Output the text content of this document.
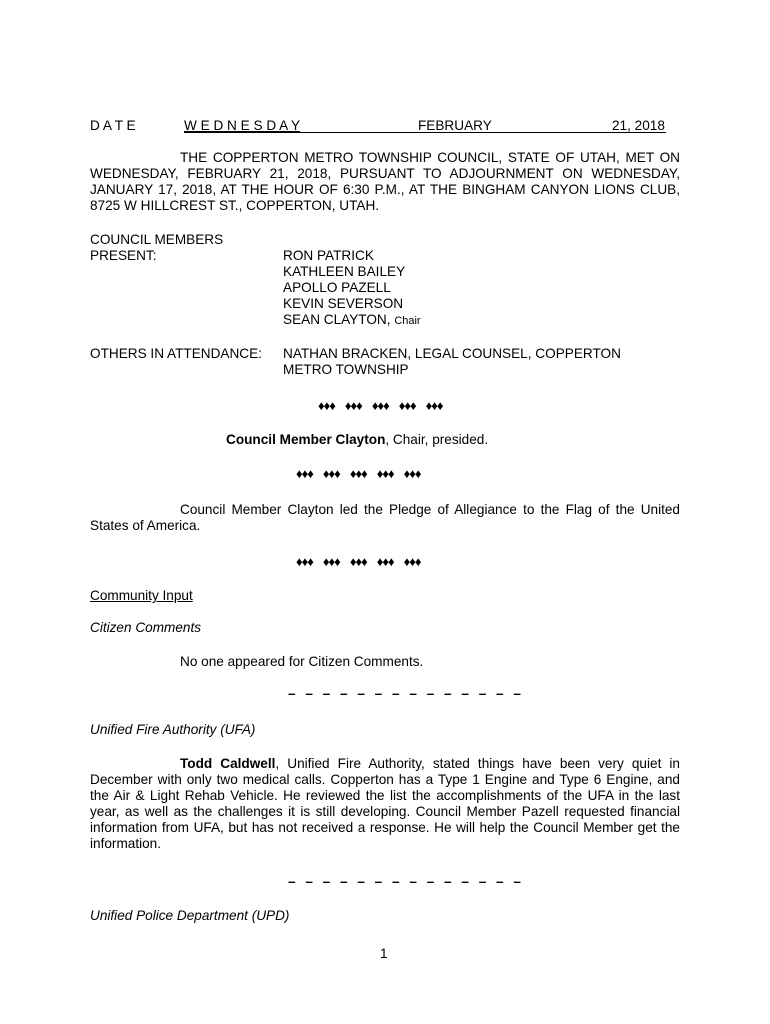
D A T E	W E D N E S D A Y	FEBRUARY	21, 2018
THE COPPERTON METRO TOWNSHIP COUNCIL, STATE OF UTAH, MET ON WEDNESDAY, FEBRUARY 21, 2018, PURSUANT TO ADJOURNMENT ON WEDNESDAY, JANUARY 17, 2018, AT THE HOUR OF 6:30 P.M., AT THE BINGHAM CANYON LIONS CLUB, 8725 W HILLCREST ST., COPPERTON, UTAH.
COUNCIL MEMBERS
PRESENT:	RON PATRICK
KATHLEEN BAILEY
APOLLO PAZELL
KEVIN SEVERSON
SEAN CLAYTON, Chair
OTHERS IN ATTENDANCE: NATHAN BRACKEN, LEGAL COUNSEL, COPPERTON
METRO TOWNSHIP
♦♦♦ ♦♦♦ ♦♦♦ ♦♦♦ ♦♦♦
Council Member Clayton, Chair, presided.
♦♦♦ ♦♦♦ ♦♦♦ ♦♦♦ ♦♦♦
Council Member Clayton led the Pledge of Allegiance to the Flag of the United States of America.
♦♦♦ ♦♦♦ ♦♦♦ ♦♦♦ ♦♦♦
Community Input
Citizen Comments
No one appeared for Citizen Comments.
– – – – – – – – – – – – – –
Unified Fire Authority (UFA)
Todd Caldwell, Unified Fire Authority, stated things have been very quiet in December with only two medical calls. Copperton has a Type 1 Engine and Type 6 Engine, and the Air & Light Rehab Vehicle. He reviewed the list the accomplishments of the UFA in the last year, as well as the challenges it is still developing. Council Member Pazell requested financial information from UFA, but has not received a response. He will help the Council Member get the information.
– – – – – – – – – – – – – –
Unified Police Department (UPD)
1
